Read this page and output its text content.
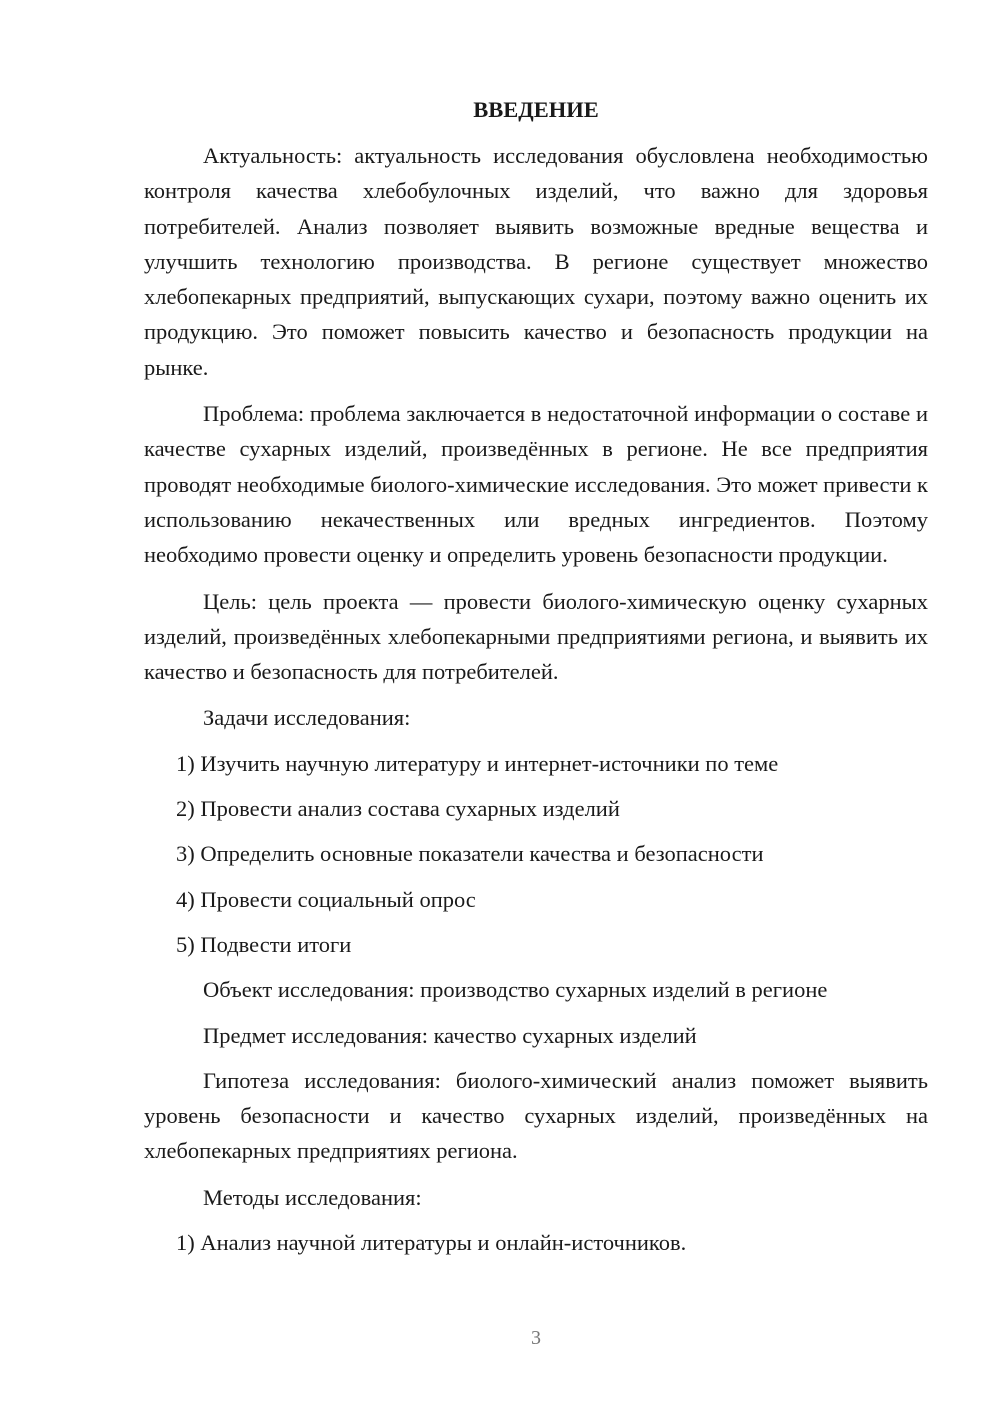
ВВЕДЕНИЕ

Актуальность: актуальность исследования обусловлена необходимостью контроля качества хлебобулочных изделий, что важно для здоровья потребителей. Анализ позволяет выявить возможные вредные вещества и улучшить технологию производства. В регионе существует множество хлебопекарных предприятий, выпускающих сухари, поэтому важно оценить их продукцию. Это поможет повысить качество и безопасность продукции на рынке.

Проблема: проблема заключается в недостаточной информации о составе и качестве сухарных изделий, произведённых в регионе. Не все предприятия проводят необходимые биолого-химические исследования. Это может привести к использованию некачественных или вредных ингредиентов. Поэтому необходимо провести оценку и определить уровень безопасности продукции.

Цель: цель проекта — провести биолого-химическую оценку сухарных изделий, произведённых хлебопекарными предприятиями региона, и выявить их качество и безопасность для потребителей.

Задачи исследования:

1) Изучить научную литературу и интернет-источники по теме

2) Провести анализ состава сухарных изделий

3) Определить основные показатели качества и безопасности

4) Провести социальный опрос

5) Подвести итоги

Объект исследования: производство сухарных изделий в регионе

Предмет исследования: качество сухарных изделий

Гипотеза исследования: биолого-химический анализ поможет выявить уровень безопасности и качество сухарных изделий, произведённых на хлебопекарных предприятиях региона.

Методы исследования:

1) Анализ научной литературы и онлайн-источников.

3
